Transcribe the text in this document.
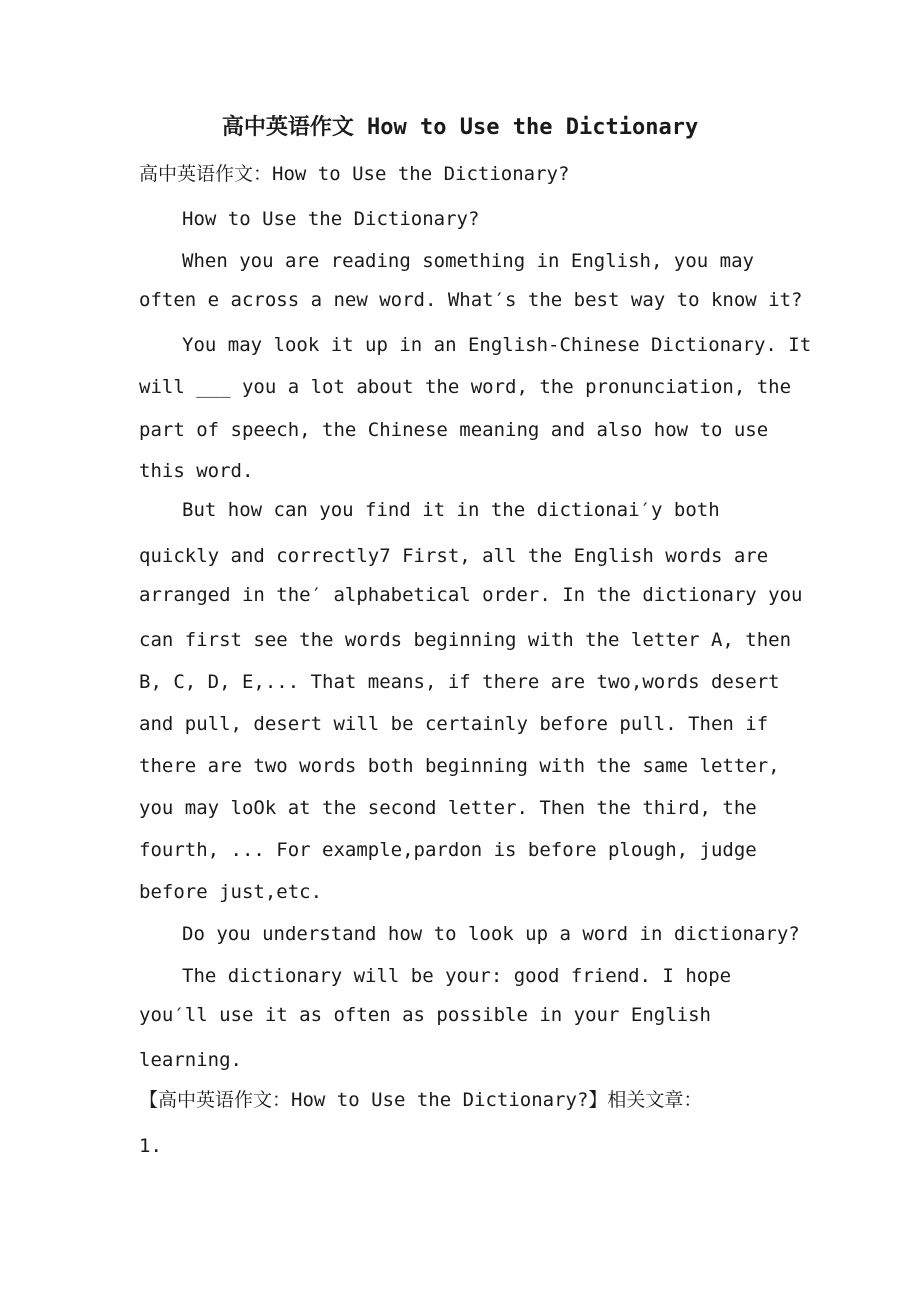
高中英语作文 How to Use the Dictionary
高中英语作文：How to Use the Dictionary?
How to Use the Dictionary?
When you are reading something in English, you may
often e across a new word. What′s the best way to know it?
You may look it up in an English-Chinese Dictionary. It
will ___ you a lot about the word, the pronunciation, the
part of speech, the Chinese meaning and also how to use
this word.
But how can you find it in the dictionai′y both
quickly and correctly7 First, all the English words are
arranged in the′ alphabetical order. In the dictionary you
can first see the words beginning with the letter A, then
B, C, D, E,... That means, if there are two,words desert
and pull, desert will be certainly before pull. Then if
there are two words both beginning with the same letter,
you may loOk at the second letter. Then the third, the
fourth, ... For example,pardon is before plough, judge
before just,etc.
Do you understand how to look up a word in dictionary?
The dictionary will be your: good friend. I hope
you′ll use it as often as possible in your English
learning.
【高中英语作文：How to Use the Dictionary?】相关文章：
1.
